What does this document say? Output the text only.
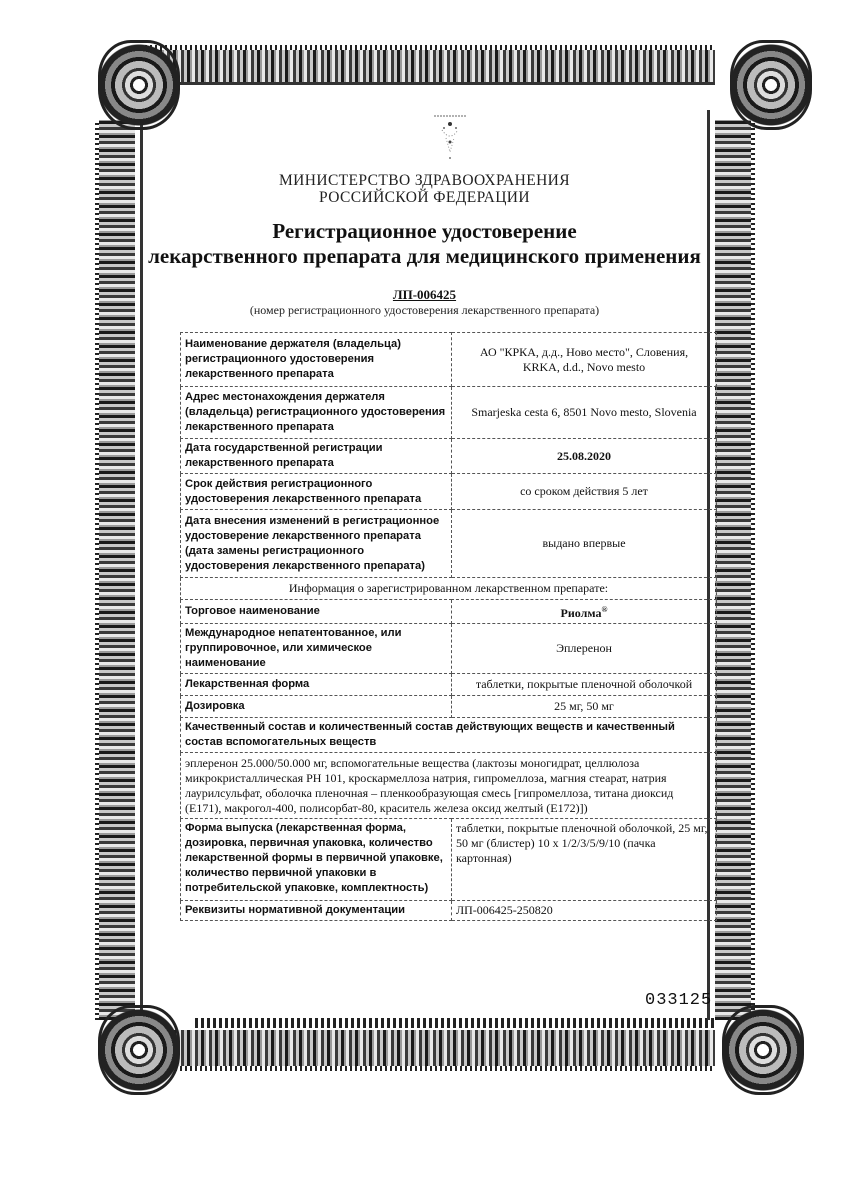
МИНИСТЕРСТВО ЗДРАВООХРАНЕНИЯ
РОССИЙСКОЙ ФЕДЕРАЦИИ
Регистрационное удостоверение
лекарственного препарата для медицинского применения
ЛП-006425
(номер регистрационного удостоверения лекарственного препарата)
Наименование держателя (владельца) регистрационного удостоверения лекарственного препарата	АО "КРКА, д.д., Ново место", Словения,
KRKA, d.d., Novo mesto

Адрес местонахождения держателя (владельца) регистрационного удостоверения лекарственного препарата	Smarjeska cesta 6, 8501 Novo mesto, Slovenia
Дата государственной регистрации лекарственного препарата	25.08.2020
Срок действия регистрационного удостоверения лекарственного препарата	со сроком действия 5 лет
Дата внесения изменений в регистрационное удостоверение лекарственного препарата (дата замены регистрационного удостоверения лекарственного препарата)	выдано впервые
Информация о зарегистрированном лекарственном препарате:	
Торговое наименование	Риолма®
Международное непатентованное, или группировочное, или химическое наименование	Эплеренон
Лекарственная форма	таблетки, покрытые пленочной оболочкой
Дозировка	25 мг, 50 мг
Качественный состав и количественный состав действующих веществ и качественный состав вспомогательных веществ	
эплеренон 25.000/50.000 мг, вспомогательные вещества (лактозы моногидрат, целлюлоза микрокристаллическая PH 101, кроскармеллоза натрия, гипромеллоза, магния стеарат, натрия лаурилсульфат, оболочка пленочная – пленкообразующая смесь [гипромеллоза, титана диоксид (E171), макрогол-400, полисорбат-80, краситель железа оксид желтый (E172)])	
Форма выпуска (лекарственная форма, дозировка, первичная упаковка, количество лекарственной формы в первичной упаковке, количество первичной упаковки в потребительской упаковке, комплектность)	таблетки, покрытые пленочной оболочкой, 25 мг, 50 мг (блистер) 10 x 1/2/3/5/9/10 (пачка картонная)
Реквизиты нормативной документации	ЛП-006425-250820
033125
